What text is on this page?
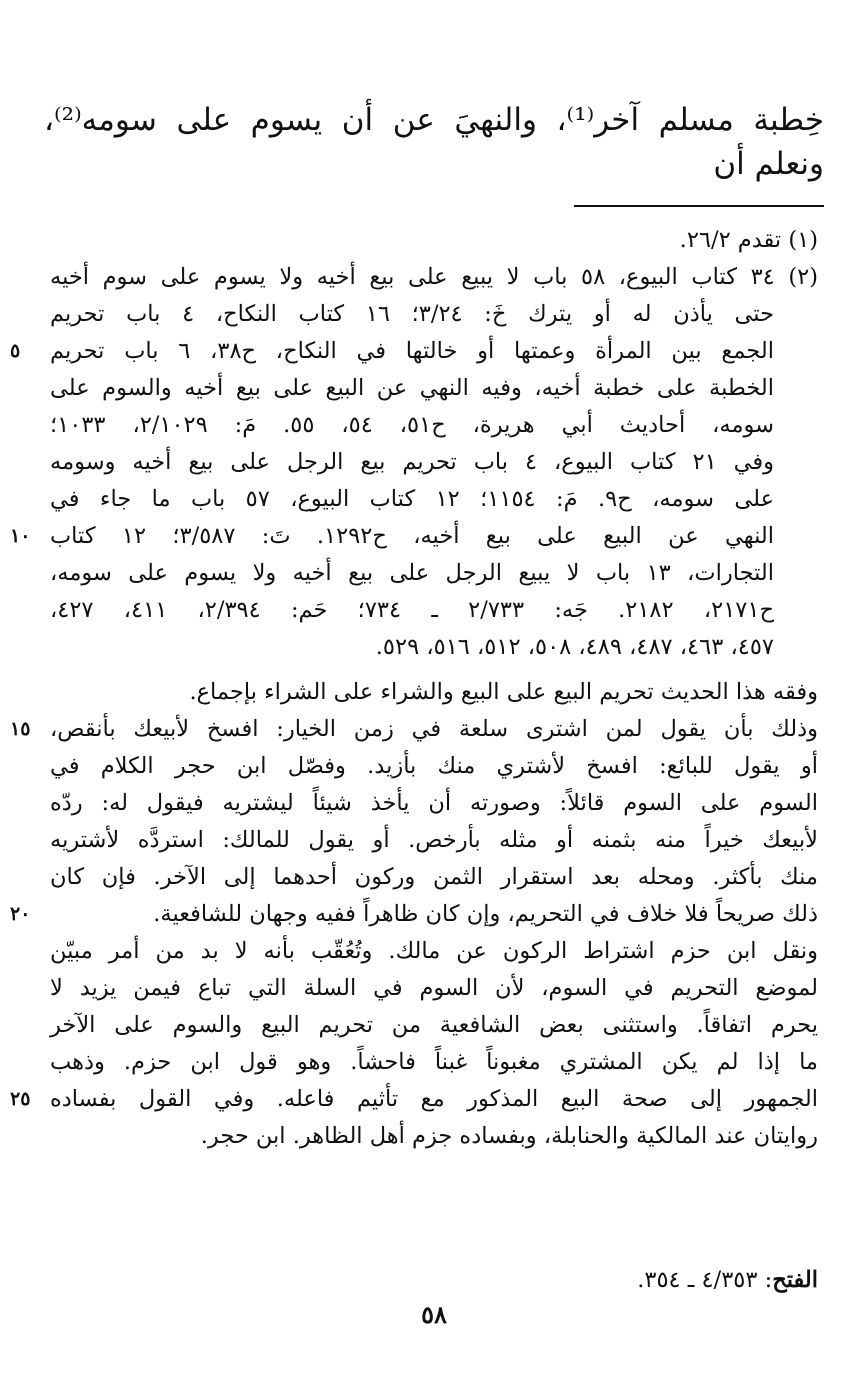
خِطبة مسلم آخر⁽¹⁾، والنهيَ عن أن يسوم على سومه⁽²⁾، ونعلم أن
(١) تقدم ٢٦/٢.
(٢) ٣٤ كتاب البيوع، ٥٨ باب لا يبيع على بيع أخيه ولا يسوم على سوم أخيه
حتى يأذن له أو يترك خَ: ٣/٢٤؛ ١٦ كتاب النكاح، ٤ باب تحريم
الجمع بين المرأة وعمتها أو خالتها في النكاح، ح٣٨، ٦ باب تحريم
٥
الخطبة على خطبة أخيه، وفيه النهي عن البيع على بيع أخيه والسوم على
سومه، أحاديث أبي هريرة، ح٥١، ٥٤، ٥٥. مَ: ٢/١٠٢٩، ١٠٣٣؛
وفي ٢١ كتاب البيوع، ٤ باب تحريم بيع الرجل على بيع أخيه وسومه
على سومه، ح٩. مَ: ١١٥٤؛ ١٢ كتاب البيوع، ٥٧ باب ما جاء في
النهي عن البيع على بيع أخيه، ح١٢٩٢. تَ: ٣/٥٨٧؛ ١٢ كتاب
١٠
التجارات، ١٣ باب لا يبيع الرجل على بيع أخيه ولا يسوم على سومه،
ح٢١٧١، ٢١٨٢. جَه: ٢/٧٣٣ ـ ٧٣٤؛ حَم: ٢/٣٩٤، ٤١١، ٤٢٧،
٤٥٧، ٤٦٣، ٤٨٧، ٤٨٩، ٥٠٨، ٥١٢، ٥١٦، ٥٢٩.
وفقه هذا الحديث تحريم البيع على البيع والشراء على الشراء بإجماع.
وذلك بأن يقول لمن اشترى سلعة في زمن الخيار: افسخ لأبيعك بأنقص،
١٥
أو يقول للبائع: افسخ لأشتري منك بأزيد. وفصّل ابن حجر الكلام في
السوم على السوم قائلاً: وصورته أن يأخذ شيئاً ليشتريه فيقول له: ردّه
لأبيعك خيراً منه بثمنه أو مثله بأرخص. أو يقول للمالك: استردَّه لأشتريه
منك بأكثر. ومحله بعد استقرار الثمن وركون أحدهما إلى الآخر. فإن كان
ذلك صريحاً فلا خلاف في التحريم، وإن كان ظاهراً ففيه وجهان للشافعية.
٢٠
ونقل ابن حزم اشتراط الركون عن مالك. وتُعُقّب بأنه لا بد من أمر مبيّن
لموضع التحريم في السوم، لأن السوم في السلة التي تباع فيمن يزيد لا
يحرم اتفاقاً. واستثنى بعض الشافعية من تحريم البيع والسوم على الآخر
ما إذا لم يكن المشتري مغبوناً غبناً فاحشاً. وهو قول ابن حزم. وذهب
الجمهور إلى صحة البيع المذكور مع تأثيم فاعله. وفي القول بفساده
٢٥
روايتان عند المالكية والحنابلة، وبفساده جزم أهل الظاهر. ابن حجر.
الفتح: ٤/٣٥٣ ـ ٣٥٤.
٥٨
